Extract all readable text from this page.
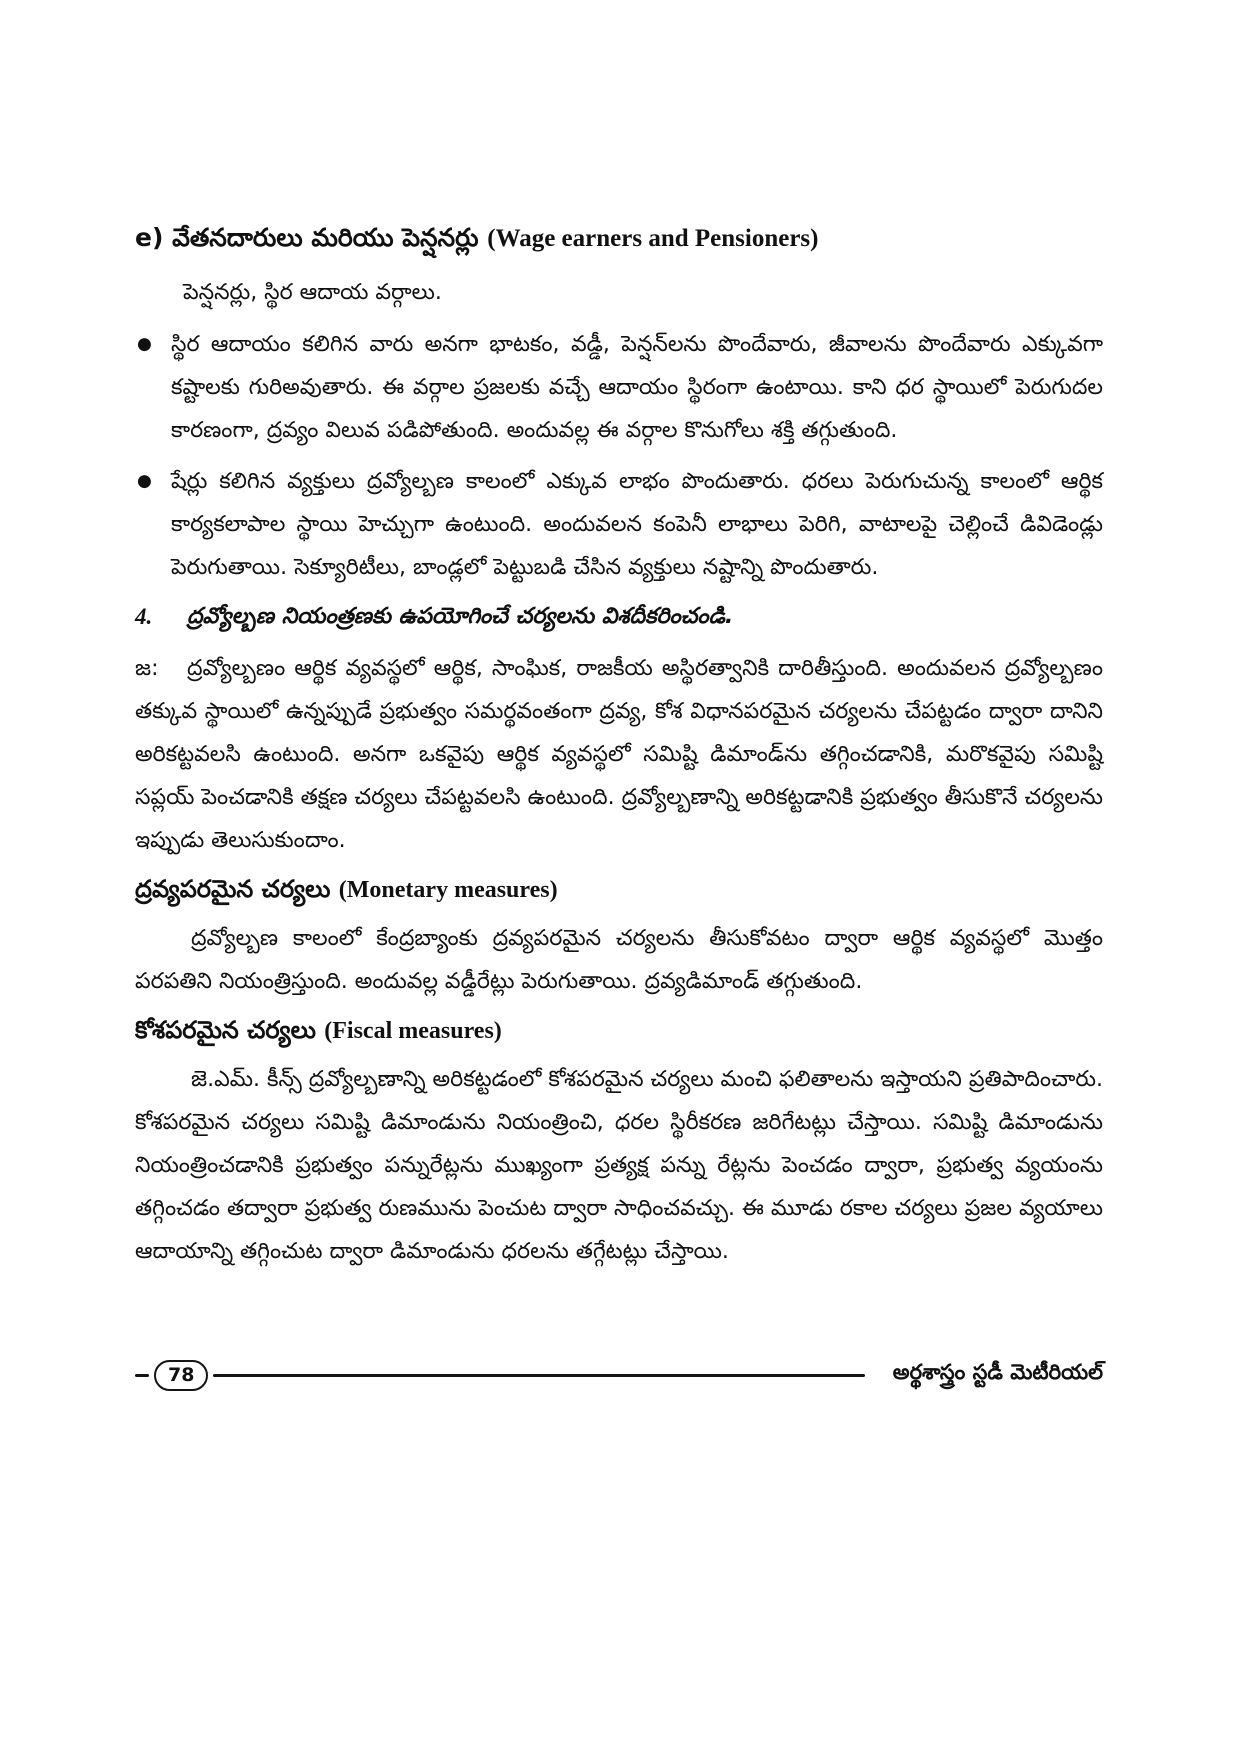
e) వేతనదారులు మరియు పెన్షనర్లు (Wage earners and Pensioners)

పెన్షనర్లు, స్థిర ఆదాయ వర్గాలు.

● స్థిర ఆదాయం కలిగిన వారు అనగా భాటకం, వడ్డీ, పెన్షన్‌లను పొందేవారు, జీవాలను పొందేవారు ఎక్కువగా కష్టాలకు గురిఅవుతారు. ఈ వర్గాల ప్రజలకు వచ్చే ఆదాయం స్థిరంగా ఉంటాయి. కాని ధర స్థాయిలో పెరుగుదల కారణంగా, ద్రవ్యం విలువ పడిపోతుంది. అందువల్ల ఈ వర్గాల కొనుగోలు శక్తి తగ్గుతుంది.

● షేర్లు కలిగిన వ్యక్తులు ద్రవ్యోల్బణ కాలంలో ఎక్కువ లాభం పొందుతారు. ధరలు పెరుగుచున్న కాలంలో ఆర్థిక కార్యకలాపాల స్థాయి హెచ్చుగా ఉంటుంది. అందువలన కంపెనీ లాభాలు పెరిగి, వాటాలపై చెల్లించే డివిడెండ్లు పెరుగుతాయి. సెక్యూరిటీలు, బాండ్లలో పెట్టుబడి చేసిన వ్యక్తులు నష్టాన్ని పొందుతారు.

4.	ద్రవ్యోల్బణ నియంత్రణకు ఉపయోగించే చర్యలను విశదీకరించండి.

జ: ద్రవ్యోల్బణం ఆర్థిక వ్యవస్థలో ఆర్థిక, సాంఘిక, రాజకీయ అస్థిరత్వానికి దారితీస్తుంది. అందువలన ద్రవ్యోల్బణం తక్కువ స్థాయిలో ఉన్నప్పుడే ప్రభుత్వం సమర్థవంతంగా ద్రవ్య, కోశ విధానపరమైన చర్యలను చేపట్టడం ద్వారా దానిని అరికట్టవలసి ఉంటుంది. అనగా ఒకవైపు ఆర్థిక వ్యవస్థలో సమిష్టి డిమాండ్‌ను తగ్గించడానికి, మరొకవైపు సమిష్టి సప్లయ్ పెంచడానికి తక్షణ చర్యలు చేపట్టవలసి ఉంటుంది. ద్రవ్యోల్బణాన్ని అరికట్టడానికి ప్రభుత్వం తీసుకొనే చర్యలను ఇప్పుడు తెలుసుకుందాం.

ద్రవ్యపరమైన చర్యలు (Monetary measures)

ద్రవ్యోల్బణ కాలంలో కేంద్రబ్యాంకు ద్రవ్యపరమైన చర్యలను తీసుకోవటం ద్వారా ఆర్థిక వ్యవస్థలో మొత్తం పరపతిని నియంత్రిస్తుంది. అందువల్ల వడ్డీరేట్లు పెరుగుతాయి. ద్రవ్యడిమాండ్ తగ్గుతుంది.

కోశపరమైన చర్యలు (Fiscal measures)

జె.ఎమ్. కీన్స్ ద్రవ్యోల్బణాన్ని అరికట్టడంలో కోశపరమైన చర్యలు మంచి ఫలితాలను ఇస్తాయని ప్రతిపాదించారు. కోశపరమైన చర్యలు సమిష్టి డిమాండును నియంత్రించి, ధరల స్థిరీకరణ జరిగేటట్లు చేస్తాయి. సమిష్టి డిమాండును నియంత్రించడానికి ప్రభుత్వం పన్నురేట్లను ముఖ్యంగా ప్రత్యక్ష పన్ను రేట్లను పెంచడం ద్వారా, ప్రభుత్వ వ్యయంను తగ్గించడం తద్వారా ప్రభుత్వ రుణమును పెంచుట ద్వారా సాధించవచ్చు. ఈ మూడు రకాల చర్యలు ప్రజల వ్యయాలు ఆదాయాన్ని తగ్గించుట ద్వారా డిమాండును ధరలను తగ్గేటట్లు చేస్తాయి.

78	అర్థశాస్త్రం స్టడీ మెటీరియల్
